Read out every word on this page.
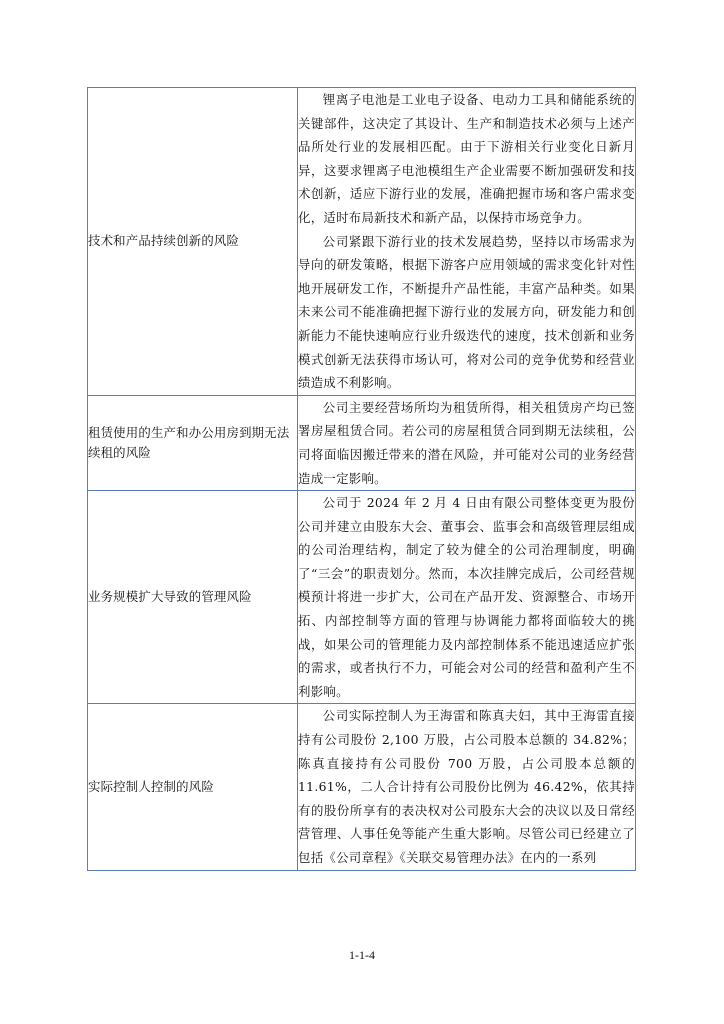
技术和产品持续创新的风险	锂离子电池是工业电子设备、电动力工具和储能系统的关键部件，这决定了其设计、生产和制造技术必须与上述产品所处行业的发展相匹配。由于下游相关行业变化日新月异，这要求锂离子电池模组生产企业需要不断加强研发和技术创新，适应下游行业的发展，准确把握市场和客户需求变化，适时布局新技术和新产品，以保持市场竞争力。

公司紧跟下游行业的技术发展趋势，坚持以市场需求为导向的研发策略，根据下游客户应用领域的需求变化针对性地开展研发工作，不断提升产品性能，丰富产品种类。如果未来公司不能准确把握下游行业的发展方向，研发能力和创新能力不能快速响应行业升级迭代的速度，技术创新和业务模式创新无法获得市场认可，将对公司的竞争优势和经营业绩造成不利影响。

租赁使用的生产和办公用房到期无法续租的风险	公司主要经营场所均为租赁所得，相关租赁房产均已签署房屋租赁合同。若公司的房屋租赁合同到期无法续租，公司将面临因搬迁带来的潜在风险，并可能对公司的业务经营造成一定影响。

业务规模扩大导致的管理风险	公司于 2024 年 2 月 4 日由有限公司整体变更为股份公司并建立由股东大会、董事会、监事会和高级管理层组成的公司治理结构，制定了较为健全的公司治理制度，明确了“三会”的职责划分。然而，本次挂牌完成后，公司经营规模预计将进一步扩大，公司在产品开发、资源整合、市场开拓、内部控制等方面的管理与协调能力都将面临较大的挑战，如果公司的管理能力及内部控制体系不能迅速适应扩张的需求，或者执行不力，可能会对公司的经营和盈利产生不利影响。

实际控制人控制的风险	公司实际控制人为王海雷和陈真夫妇，其中王海雷直接持有公司股份 2,100 万股，占公司股本总额的 34.82%；陈真直接持有公司股份 700 万股，占公司股本总额的 11.61%，二人合计持有公司股份比例为 46.42%，依其持有的股份所享有的表决权对公司股东大会的决议以及日常经营管理、人事任免等能产生重大影响。尽管公司已经建立了包括《公司章程》《关联交易管理办法》在内的一系列

1-1-4
